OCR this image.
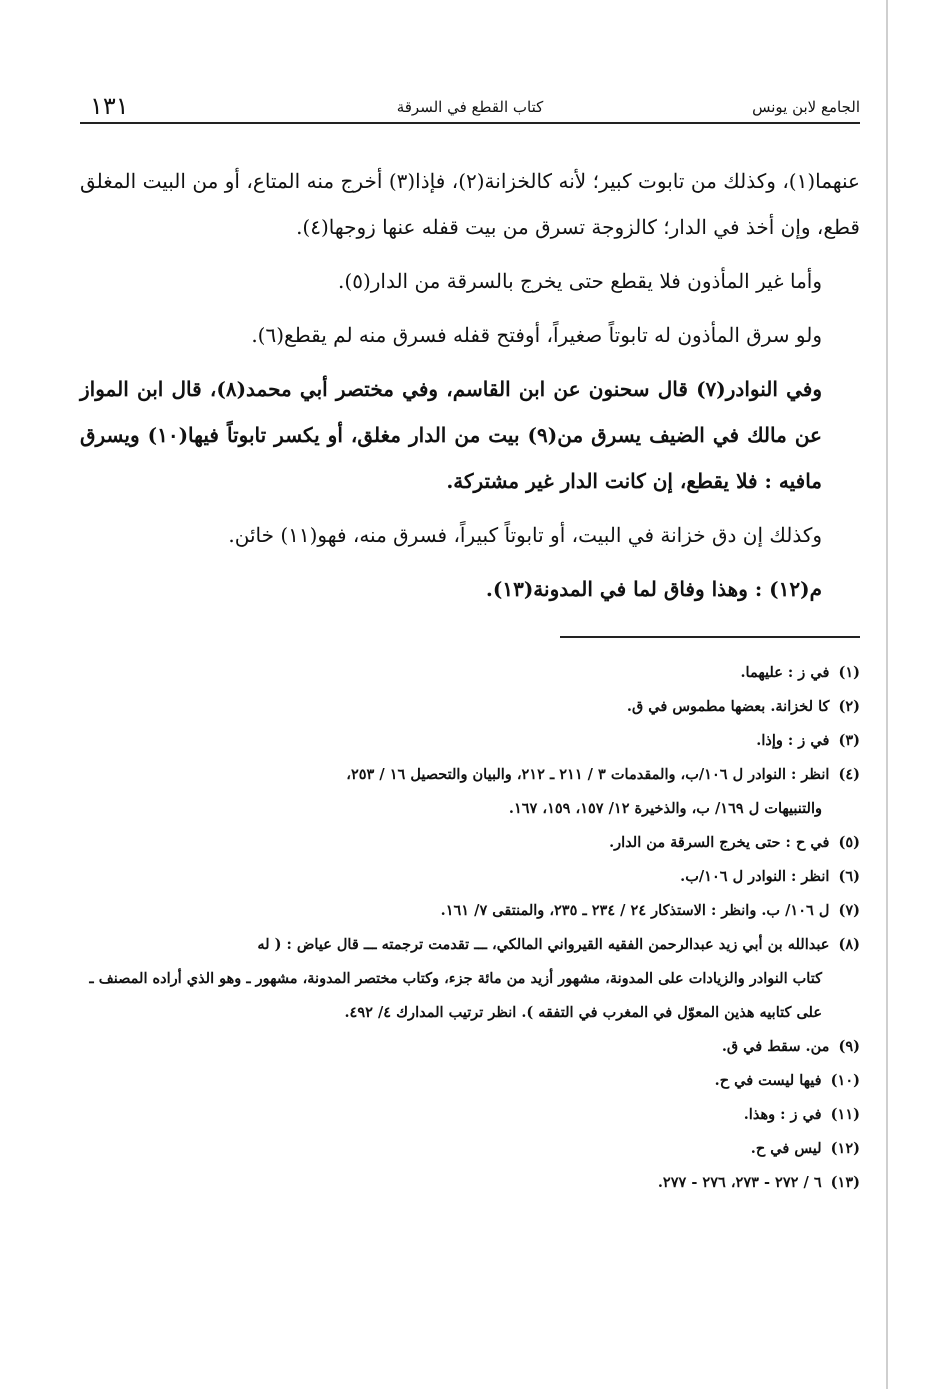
الجامع لابن يونس
كتاب القطع في السرقة
١٣١

عنهما(١)، وكذلك من تابوت كبير؛ لأنه كالخزانة(٢)، فإذا(٣) أخرج منه المتاع، أو من البيت المغلق قطع، وإن أخذ في الدار؛ كالزوجة تسرق من بيت قفله عنها زوجها(٤).

وأما غير المأذون فلا يقطع حتى يخرج بالسرقة من الدار(٥).

ولو سرق المأذون له تابوتاً صغيراً، أوفتح قفله فسرق منه لم يقطع(٦).

وفي النوادر(٧) قال سحنون عن ابن القاسم، وفي مختصر أبي محمد(٨)، قال ابن المواز عن مالك في الضيف يسرق من(٩) بيت من الدار مغلق، أو يكسر تابوتاً فيها(١٠) ويسرق مافيه : فلا يقطع، إن كانت الدار غير مشتركة.

وكذلك إن دق خزانة في البيت، أو تابوتاً كبيراً، فسرق منه، فهو(١١) خائن.

م(١٢) : وهذا وفاق لما في المدونة(١٣).

(١) في ز : عليهما.

(٢) كا لخزانة. بعضها مطموس في ق.

(٣) في ز : وإذا.

(٤) انظر : النوادر ل ١٠٦/ب، والمقدمات ٣ / ٢١١ ـ ٢١٢، والبيان والتحصيل ١٦ / ٢٥٣،
والتنبيهات ل ١٦٩/ ب، والذخيرة ١٢/ ١٥٧، ١٥٩، ١٦٧.

(٥) في ح : حتى يخرج السرقة من الدار.

(٦) انظر : النوادر ل ١٠٦/ب.

(٧) ل ١٠٦/ ب. وانظر : الاستذكار ٢٤ / ٢٣٤ ـ ٢٣٥، والمنتقى ٧/ ١٦١.

(٨) عبدالله بن أبي زيد عبدالرحمن الفقيه القيرواني المالكي، ـــ تقدمت ترجمته ـــ قال عياض : ( له
كتاب النوادر والزيادات على المدونة، مشهور أزيد من مائة جزء، وكتاب مختصر المدونة، مشهور ـ وهو الذي أراده المصنف ـ على كتابيه هذين المعوّل في المغرب في التفقه ). انظر ترتيب المدارك ٤/ ٤٩٢.

(٩) من. سقط في ق.

(١٠) فيها ليست في ح.

(١١) في ز : وهذا.

(١٢) ليس في ح.

(١٣) ٦ / ٢٧٢ - ٢٧٣، ٢٧٦ - ٢٧٧.
